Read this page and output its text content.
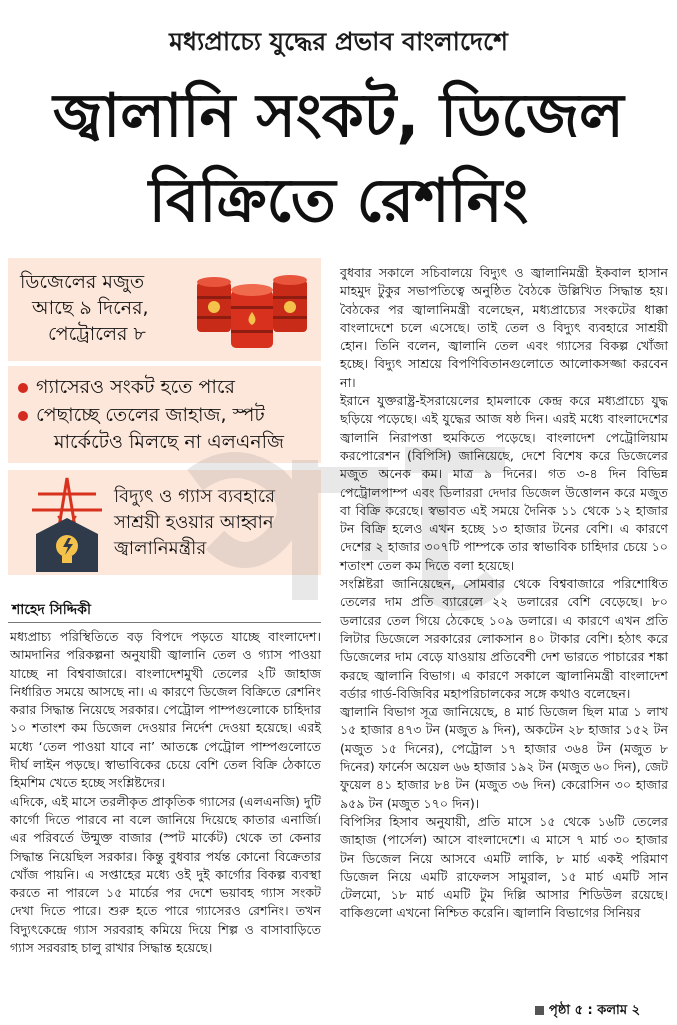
মধ্যপ্রাচ্যে যুদ্ধের প্রভাব বাংলাদেশে
জ্বালানি সংকট, ডিজেল
বিক্রিতে রেশনিং
ডিজেলের মজুত
আছে ৯ দিনের,
পেট্রোলের ৮
গ্যাসেরও সংকট হতে পারে
পেছাচ্ছে তেলের জাহাজ, স্পট
মার্কেটেও মিলছে না এলএনজি
বিদ্যুৎ ও গ্যাস ব্যবহারে
সাশ্রয়ী হওয়ার আহ্বান
জ্বালানিমন্ত্রীর
শাহেদ সিদ্দিকী

মধ্যপ্রাচ্য পরিস্থিতিতে বড় বিপদে পড়তে যাচ্ছে বাংলাদেশ। আমদানির পরিকল্পনা অনুযায়ী জ্বালানি তেল ও গ্যাস পাওয়া যাচ্ছে না বিশ্ববাজারে। বাংলাদেশমুখী তেলের ২টি জাহাজ নির্ধারিত সময়ে আসছে না। এ কারণে ডিজেল বিক্রিতে রেশনিং করার সিদ্ধান্ত নিয়েছে সরকার। পেট্রোল পাম্পগুলোকে চাহিদার ১০ শতাংশ কম ডিজেল দেওয়ার নির্দেশ দেওয়া হয়েছে। এরই মধ্যে ‘তেল পাওয়া যাবে না’ আতঙ্কে পেট্রোল পাম্পগুলোতে দীর্ঘ লাইন পড়ছে। স্বাভাবিকের চেয়ে বেশি তেল বিক্রি ঠেকাতে হিমশিম খেতে হচ্ছে সংশ্লিষ্টদের।

এদিকে, এই মাসে তরলীকৃত প্রাকৃতিক গ্যাসের (এলএনজি) দুটি কার্গো দিতে পারবে না বলে জানিয়ে দিয়েছে কাতার এনার্জি। এর পরিবর্তে উন্মুক্ত বাজার (স্পট মার্কেট) থেকে তা কেনার সিদ্ধান্ত নিয়েছিল সরকার। কিন্তু বুধবার পর্যন্ত কোনো বিক্রেতার খোঁজ পায়নি। এ সপ্তাহের মধ্যে ওই দুই কার্গোর বিকল্প ব্যবস্থা করতে না পারলে ১৫ মার্চের পর দেশে ভয়াবহ গ্যাস সংকট দেখা দিতে পারে। শুরু হতে পারে গ্যাসেরও রেশনিং। তখন বিদ্যুৎকেন্দ্রে গ্যাস সরবরাহ কমিয়ে দিয়ে শিল্প ও বাসাবাড়িতে গ্যাস সরবরাহ চালু রাখার সিদ্ধান্ত হয়েছে।

বুধবার সকালে সচিবালয়ে বিদ্যুৎ ও জ্বালানিমন্ত্রী ইকবাল হাসান মাহমুদ টুকুর সভাপতিত্বে অনুষ্ঠিত বৈঠকে উল্লিখিত সিদ্ধান্ত হয়। বৈঠকের পর জ্বালানিমন্ত্রী বলেছেন, মধ্যপ্রাচ্যের সংকটের ধাক্কা বাংলাদেশে চলে এসেছে। তাই তেল ও বিদ্যুৎ ব্যবহারে সাশ্রয়ী হোন। তিনি বলেন, জ্বালানি তেল এবং গ্যাসের বিকল্প খোঁজা হচ্ছে। বিদ্যুৎ সাশ্রয়ে বিপণিবিতানগুলোতে আলোকসজ্জা করবেন না।

ইরানে যুক্তরাষ্ট্র-ইসরায়েলের হামলাকে কেন্দ্র করে মধ্যপ্রাচ্যে যুদ্ধ ছড়িয়ে পড়েছে। এই যুদ্ধের আজ ষষ্ঠ দিন। এরই মধ্যে বাংলাদেশের জ্বালানি নিরাপত্তা হুমকিতে পড়েছে। বাংলাদেশ পেট্রোলিয়াম করপোরেশন (বিপিসি) জানিয়েছে, দেশে বিশেষ করে ডিজেলের মজুত অনেক কম। মাত্র ৯ দিনের। গত ৩-৪ দিন বিভিন্ন পেট্রোলপাম্প এবং ডিলাররা দেদার ডিজেল উত্তোলন করে মজুত বা বিক্রি করেছে। স্বভাবত এই সময়ে দৈনিক ১১ থেকে ১২ হাজার টন বিক্রি হলেও এখন হচ্ছে ১৩ হাজার টনের বেশি। এ কারণে দেশের ২ হাজার ৩০৭টি পাম্পকে তার স্বাভাবিক চাহিদার চেয়ে ১০ শতাংশ তেল কম দিতে বলা হয়েছে।

সংশ্লিষ্টরা জানিয়েছেন, সোমবার থেকে বিশ্ববাজারে পরিশোধিত তেলের দাম প্রতি ব্যারেলে ২২ ডলারের বেশি বেড়েছে। ৮০ ডলারের তেল গিয়ে ঠেকেছে ১০৯ ডলারে। এ কারণে এখন প্রতি লিটার ডিজেলে সরকারের লোকসান ৪০ টাকার বেশি। হঠাৎ করে ডিজেলের দাম বেড়ে যাওয়ায় প্রতিবেশী দেশ ভারতে পাচারের শঙ্কা করছে জ্বালানি বিভাগ। এ কারণে সকালে জ্বালানিমন্ত্রী বাংলাদেশ বর্ডার গার্ড-বিজিবির মহাপরিচালকের সঙ্গে কথাও বলেছেন।

জ্বালানি বিভাগ সূত্র জানিয়েছে, ৪ মার্চ ডিজেল ছিল মাত্র ১ লাখ ১৫ হাজার ৪৭৩ টন (মজুত ৯ দিন), অকটেন ২৮ হাজার ১৫২ টন (মজুত ১৫ দিনের), পেট্রোল ১৭ হাজার ৩৬৪ টন (মজুত ৮ দিনের) ফার্নেস অয়েল ৬৬ হাজার ১৯২ টন (মজুত ৬০ দিন), জেট ফুয়েল ৪১ হাজার ৮৪ টন (মজুত ৩৬ দিন) কেরোসিন ৩০ হাজার ৯৫৯ টন (মজুত ১৭০ দিন)।

বিপিসির হিসাব অনুযায়ী, প্রতি মাসে ১৫ থেকে ১৬টি তেলের জাহাজ (পার্সেল) আসে বাংলাদেশে। এ মাসে ৭ মার্চ ৩০ হাজার টন ডিজেল নিয়ে আসবে এমটি লাকি, ৮ মার্চ একই পরিমাণ ডিজেল নিয়ে এমটি রাফেলস সামুরাল, ১৫ মার্চ এমটি সান টেলমো, ১৮ মার্চ এমটি টুম দিল্লি আসার শিডিউল রয়েছে। বাকিগুলো এখনো নিশ্চিত করেনি। জ্বালানি বিভাগের সিনিয়র

পৃষ্ঠা ৫ : কলাম ২
